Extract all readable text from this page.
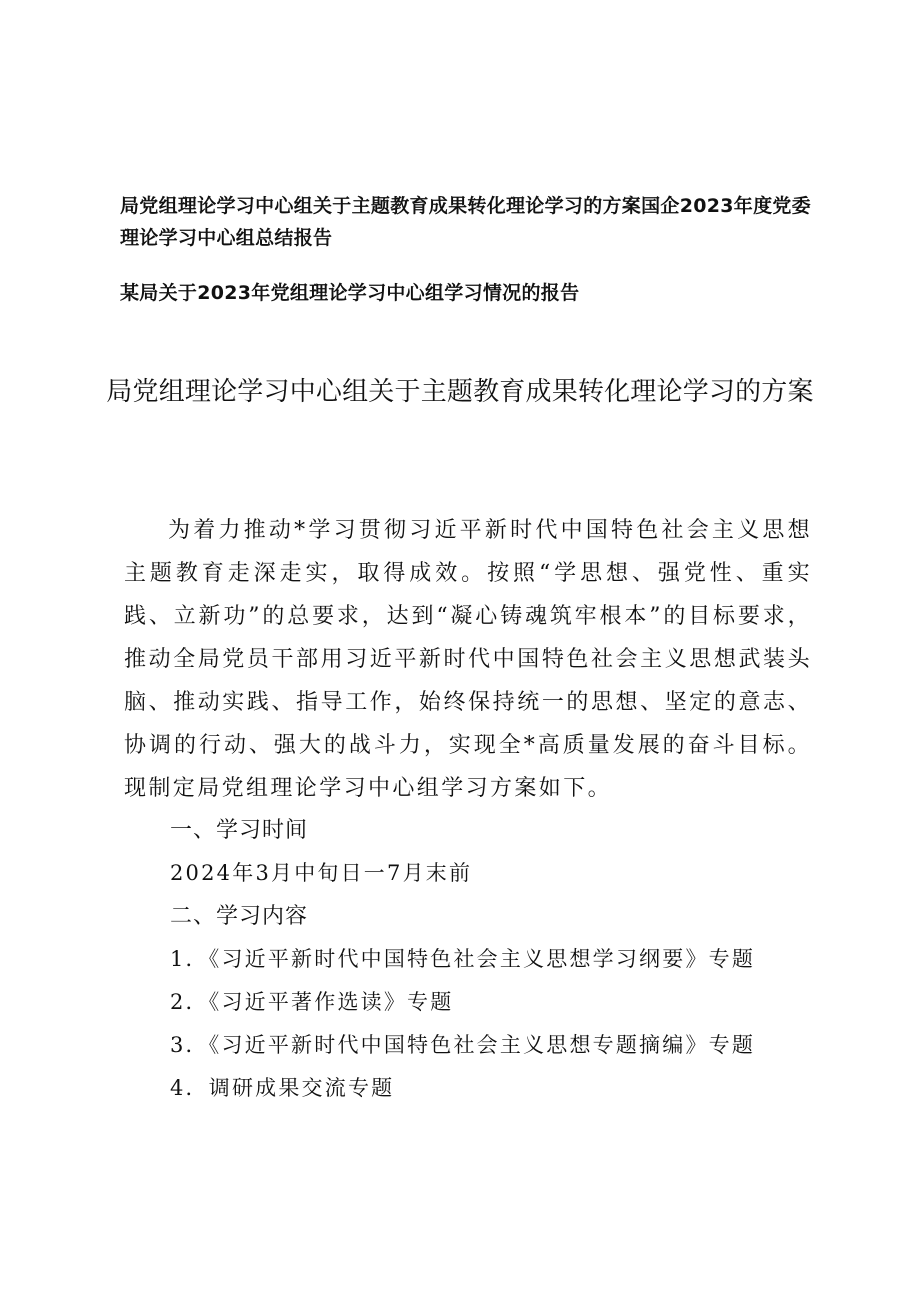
局党组理论学习中心组关于主题教育成果转化理论学习的方案国企2023年度党委理论学习中心组总结报告
某局关于2023年党组理论学习中心组学习情况的报告
局党组理论学习中心组关于主题教育成果转化理论学习的方案
为着力推动*学习贯彻习近平新时代中国特色社会主义思想主题教育走深走实，取得成效。按照“学思想、强党性、重实践、立新功”的总要求，达到“凝心铸魂筑牢根本”的目标要求，推动全局党员干部用习近平新时代中国特色社会主义思想武装头脑、推动实践、指导工作，始终保持统一的思想、坚定的意志、协调的行动、强大的战斗力，实现全*高质量发展的奋斗目标。现制定局党组理论学习中心组学习方案如下。
一、学习时间
2024年3月中旬日一7月末前
二、学习内容
1．《习近平新时代中国特色社会主义思想学习纲要》专题
2．《习近平著作选读》专题
3．《习近平新时代中国特色社会主义思想专题摘编》专题
4．调研成果交流专题
